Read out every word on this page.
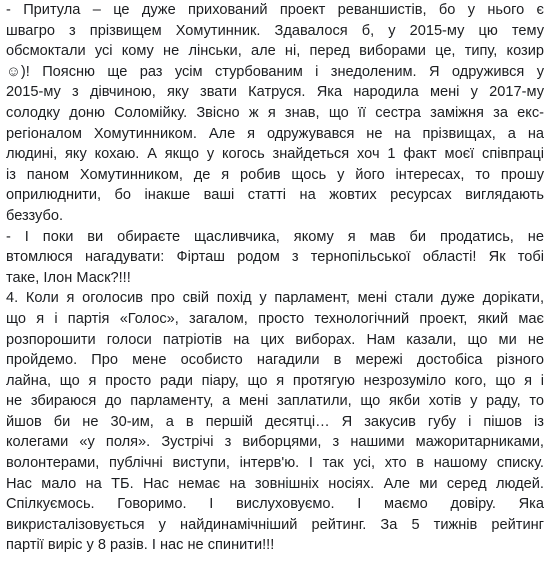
- Притула – це дуже прихований проект реваншистів, бо у нього є
швагро з прізвищем Хомутинник. Здавалося б, у 2015-му цю тему
обсмоктали усі кому не лінськи, але ні, перед виборами це, типу, козир
☺)! Поясню ще раз усім стурбованим і знедоленим. Я одружився у
2015-му з дівчиною, яку звати Катруся. Яка народила мені у 2017-му
солодку доню Соломійку. Звісно ж я знав, що її сестра заміжня за екс-
регіоналом Хомутинником. Але я одружувався не на прізвищах, а на
людині, яку кохаю. А якщо у когось знайдеться хоч 1 факт моєї співпраці
із паном Хомутинником, де я робив щось у його інтересах, то прошу
оприлюднити, бо інакше ваші статті на жовтих ресурсах виглядають
беззубо.
- І поки ви обираєте щасливчика, якому я мав би продатись, не
втомлюся нагадувати: Фірташ родом з тернопільської області! Як тобі
таке, Ілон Маск?!!!
4. Коли я оголосив про свій похід у парламент, мені стали дуже дорікати,
що я і партія «Голос», загалом, просто технологічний проект, який має
розпорошити голоси патріотів на цих виборах. Нам казали, що ми не
пройдемо. Про мене особисто нагадили в мережі достобіса різного
лайна, що я просто ради піару, що я протягую незрозуміло кого, що я і
не збираюся до парламенту, а мені заплатили, що якби хотів у раду, то
йшов би не 30-им, а в першій десятці… Я закусив губу і пішов із
колегами «у поля». Зустрічі з виборцями, з нашими мажоритарниками,
волонтерами, публічні виступи, інтерв'ю. І так усі, хто в нашому списку.
Нас мало на ТБ. Нас немає на зовнішніх носіях. Але ми серед людей.
Спілкуємось. Говоримо. І вислуховуємо. І маємо довіру. Яка
викристалізовується у найдинамічніший рейтинг. За 5 тижнів рейтинг
партії виріс у 8 разів. І нас не спинити!!!
